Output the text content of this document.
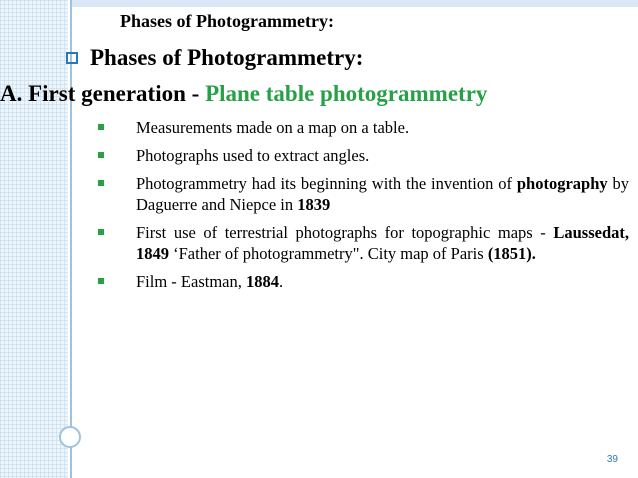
Phases of Photogrammetry:
Phases of Photogrammetry:
A. First generation - Plane table photogrammetry
Measurements made on a map on a table.
Photographs used to extract angles.
Photogrammetry had its beginning with the invention of photography by Daguerre and Niepce in 1839
First use of terrestrial photographs for topographic maps - Laussedat, 1849 ‘Father of photogrammetry". City map of Paris (1851).
Film - Eastman, 1884.
39
